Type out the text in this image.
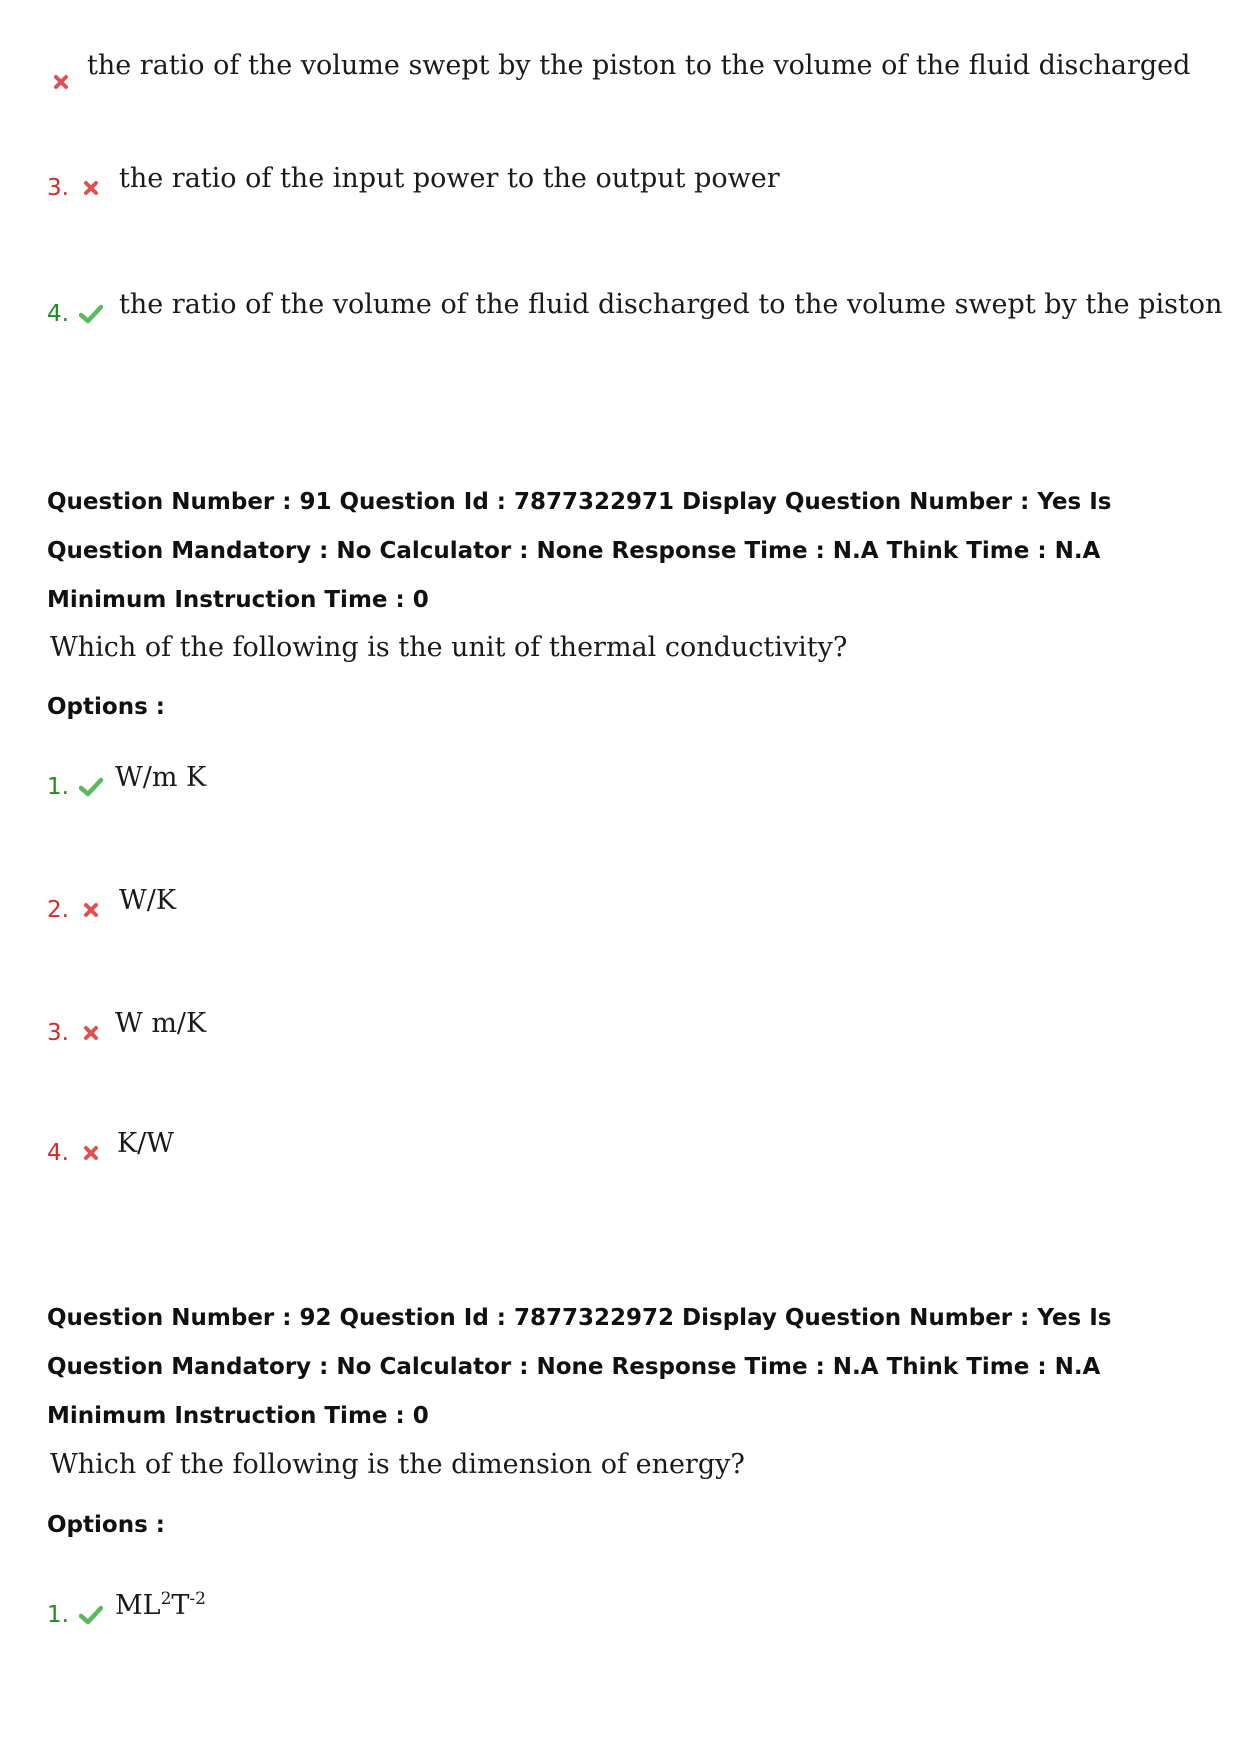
the ratio of the volume swept by the piston to the volume of the fluid discharged
3. the ratio of the input power to the output power
4. the ratio of the volume of the fluid discharged to the volume swept by the piston
Question Number : 91 Question Id : 7877322971 Display Question Number : Yes Is Question Mandatory : No Calculator : None Response Time : N.A Think Time : N.A Minimum Instruction Time : 0
Which of the following is the unit of thermal conductivity?
Options :
1. W/m K
2. W/K
3. W m/K
4. K/W
Question Number : 92 Question Id : 7877322972 Display Question Number : Yes Is Question Mandatory : No Calculator : None Response Time : N.A Think Time : N.A Minimum Instruction Time : 0
Which of the following is the dimension of energy?
Options :
1. $ML^2T^{-2}$
